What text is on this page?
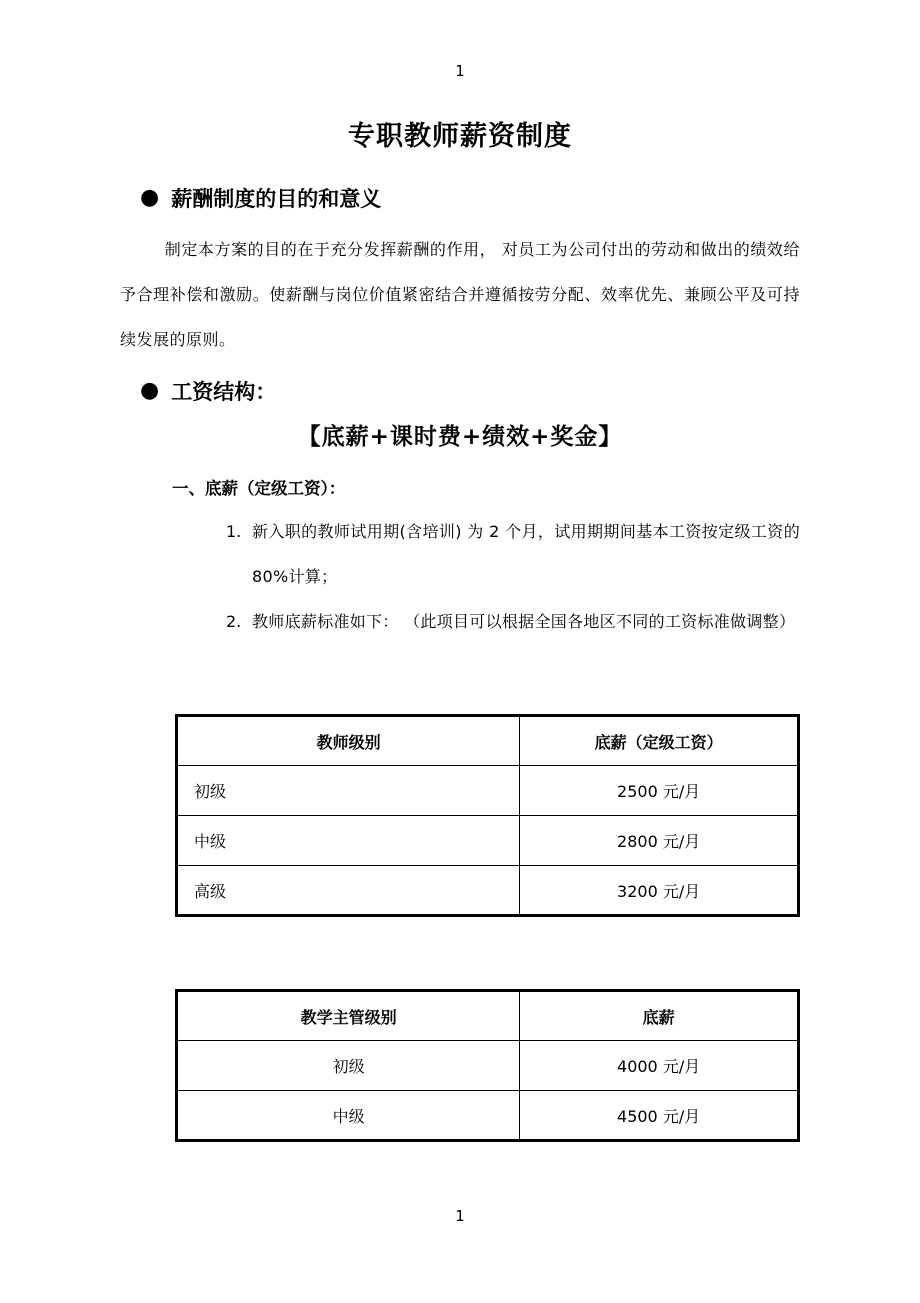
1
专职教师薪资制度
● 薪酬制度的目的和意义

制定本方案的目的在于充分发挥薪酬的作用， 对员工为公司付出的劳动和做出的绩效给予合理补偿和激励。使薪酬与岗位价值紧密结合并遵循按劳分配、效率优先、兼顾公平及可持续发展的原则。

● 工资结构：
【底薪+课时费+绩效+奖金】
一、底薪（定级工资）：
1. 新入职的教师试用期(含培训) 为 2 个月，试用期期间基本工资按定级工资的 80%计算；
2. 教师底薪标准如下： （此项目可以根据全国各地区不同的工资标准做调整）
教师级别	底薪（定级工资）
初级	2500 元/月
中级	2800 元/月
高级	3200 元/月
教学主管级别	底薪
初级	4000 元/月
中级	4500 元/月
1
